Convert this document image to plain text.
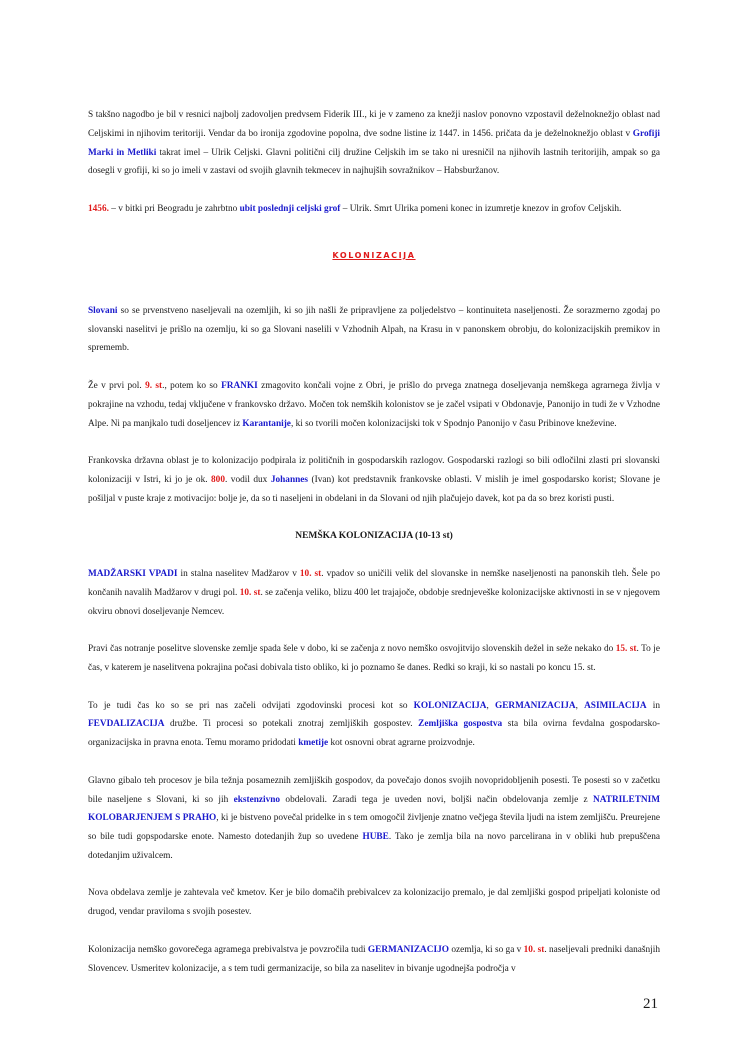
S takšno nagodbo je bil v resnici najbolj zadovoljen predvsem Fiderik III., ki je v zameno za knežji naslov ponovno vzpostavil deželnoknežjo oblast nad Celjskimi in njihovim teritoriji. Vendar da bo ironija zgodovine popolna, dve sodne listine iz 1447. in 1456. pričata da je deželnoknežjo oblast v Grofiji Marki in Metliki takrat imel – Ulrik Celjski. Glavni politični cilj družine Celjskih im se tako ni uresničil na njihovih lastnih teritorijih, ampak so ga dosegli v grofiji, ki so jo imeli v zastavi od svojih glavnih tekmecev in najhujših sovražnikov – Habsburžanov.

1456. – v bitki pri Beogradu je zahrbtno ubit poslednji celjski grof – Ulrik. Smrt Ulrika pomeni konec in izumretje knezov in grofov Celjskih.

KOLONIZACIJA

Slovani so se prvenstveno naseljevali na ozemljih, ki so jih našli že pripravljene za poljedelstvo – kontinuiteta naseljenosti. Že sorazmerno zgodaj po slovanski naselitvi je prišlo na ozemlju, ki so ga Slovani naselili v Vzhodnih Alpah, na Krasu in v panonskem obrobju, do kolonizacijskih premikov in sprememb.

Že v prvi pol. 9. st., potem ko so FRANKI zmagovito končali vojne z Obri, je prišlo do prvega znatnega doseljevanja nemškega agrarnega življa v pokrajine na vzhodu, tedaj vključene v frankovsko državo. Močen tok nemških kolonistov se je začel vsipati v Obdonavje, Panonijo in tudi že v Vzhodne Alpe. Ni pa manjkalo tudi doseljencev iz Karantanije, ki so tvorili močen kolonizacijski tok v Spodnjo Panonijo v času Pribinove kneževine.

Frankovska državna oblast je to kolonizacijo podpirala iz političnih in gospodarskih razlogov. Gospodarski razlogi so bili odločilni zlasti pri slovanski kolonizaciji v Istri, ki jo je ok. 800. vodil dux Johannes (Ivan) kot predstavnik frankovske oblasti. V mislih je imel gospodarsko korist; Slovane je pošiljal v puste kraje z motivacijo: bolje je, da so ti naseljeni in obdelani in da Slovani od njih plačujejo davek, kot pa da so brez koristi pusti.

NEMŠKA KOLONIZACIJA (10-13 st)

MADŽARSKI VPADI in stalna naselitev Madžarov v 10. st. vpadov so uničili velik del slovanske in nemške naseljenosti na panonskih tleh. Šele po končanih navalih Madžarov v drugi pol. 10. st. se začenja veliko, blizu 400 let trajajoče, obdobje srednjeveške kolonizacijske aktivnosti in se v njegovem okviru obnovi doseljevanje Nemcev.

Pravi čas notranje poselitve slovenske zemlje spada šele v dobo, ki se začenja z novo nemško osvojitvijo slovenskih dežel in seže nekako do 15. st. To je čas, v katerem je naselitvena pokrajina počasi dobivala tisto obliko, ki jo poznamo še danes. Redki so kraji, ki so nastali po koncu 15. st.

To je tudi čas ko so se pri nas začeli odvijati zgodovinski procesi kot so KOLONIZACIJA, GERMANIZACIJA, ASIMILACIJA in FEVDALIZACIJA družbe. Ti procesi so potekali znotraj zemljiških gospostev. Zemljiška gospostva sta bila ovirna fevdalna gospodarsko-organizacijska in pravna enota. Temu moramo pridodati kmetije kot osnovni obrat agrarne proizvodnje.

Glavno gibalo teh procesov je bila težnja posameznih zemljiških gospodov, da povečajo donos svojih novopridobljenih posesti. Te posesti so v začetku bile naseljene s Slovani, ki so jih ekstenzivno obdelovali. Zaradi tega je uveden novi, boljši način obdelovanja zemlje z NATRILETNIM KOLOBARJENJEM S PRAHO, ki je bistveno povečal pridelke in s tem omogočil življenje znatno večjega števila ljudi na istem zemljišču. Preurejene so bile tudi gopspodarske enote. Namesto dotedanjih žup so uvedene HUBE. Tako je zemlja bila na novo parcelirana in v obliki hub prepuščena dotedanjim uživalcem.

Nova obdelava zemlje je zahtevala več kmetov. Ker je bilo domačih prebivalcev za kolonizacijo premalo, je dal zemljiški gospod pripeljati koloniste od drugod, vendar praviloma s svojih posestev.

Kolonizacija nemško govorečega agramega prebivalstva je povzročila tudi GERMANIZACIJO ozemlja, ki so ga v 10. st. naseljevali predniki današnjih Slovencev. Usmeritev kolonizacije, a s tem tudi germanizacije, so bila za naselitev in bivanje ugodnejša področja v

21
